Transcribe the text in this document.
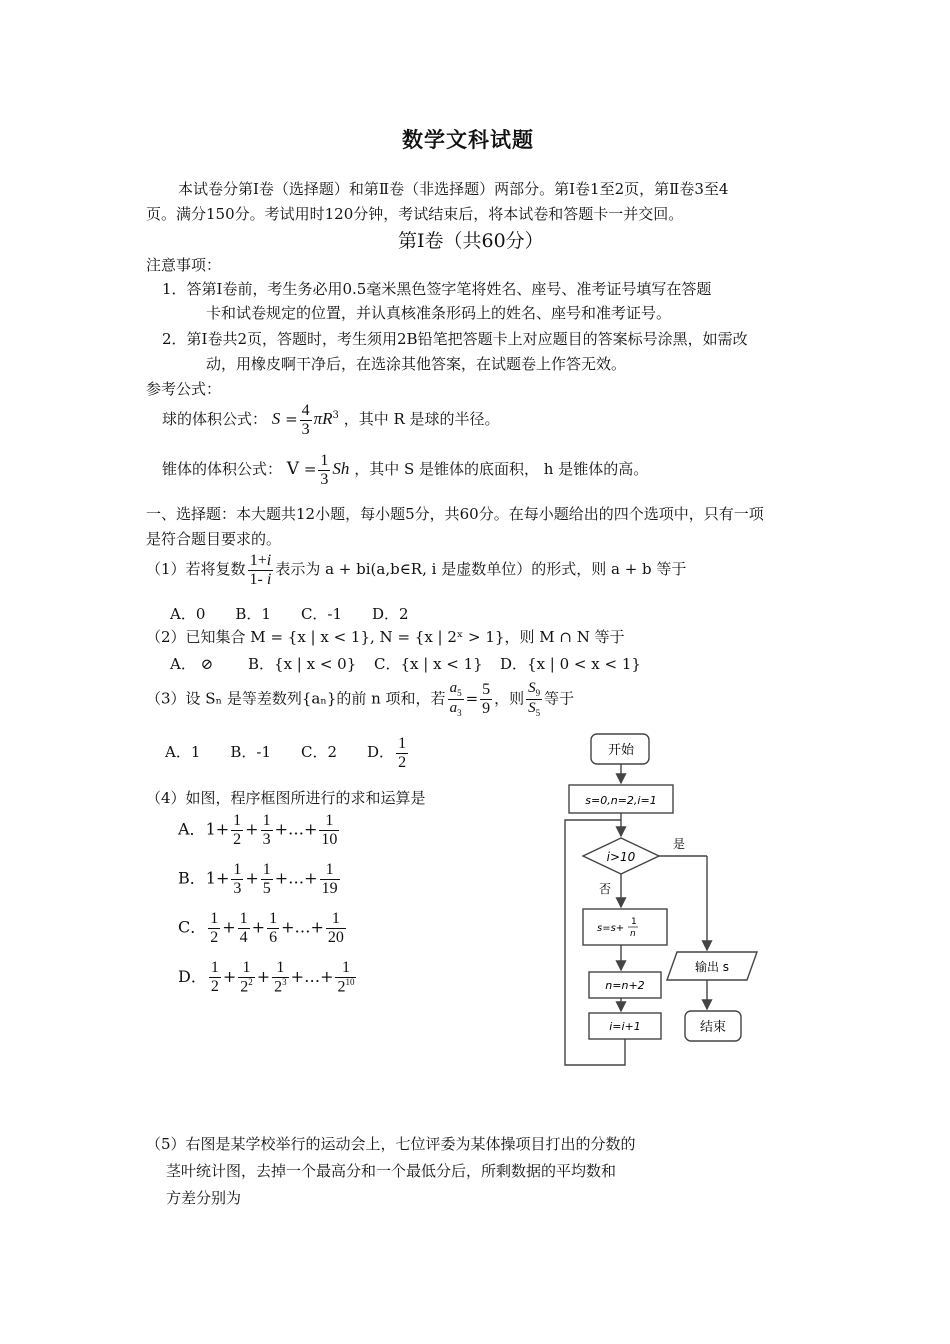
数学文科试题
本试卷分第Ⅰ卷（选择题）和第Ⅱ卷（非选择题）两部分。第Ⅰ卷1至2页，第Ⅱ卷3至4
页。满分150分。考试用时120分钟，考试结束后，将本试卷和答题卡一并交回。
第Ⅰ卷（共60分）
注意事项：
1．答第Ⅰ卷前，考生务必用0.5毫米黑色签字笔将姓名、座号、准考证号填写在答题
卡和试卷规定的位置，并认真核准条形码上的姓名、座号和准考证号。
2．第Ⅰ卷共2页，答题时，考生须用2B铅笔把答题卡上对应题目的答案标号涂黑，如需改
动，用橡皮啊干净后，在选涂其他答案，在试题卷上作答无效。
参考公式：
球的体积公式： $S = \frac{4}{3} \pi R^3$ ，其中 R 是球的半径。
锥体的体积公式： $V = \frac{1}{3}$ Sh ，其中 S 是锥体的底面积， h 是锥体的高。
一、选择题：本大题共12小题，每小题5分，共60分。在每小题给出的四个选项中，只有一项
是符合题目要求的。
（1）若将复数 $\frac{1+i}{1- i}$ 表示为 a + bi(a,b∈R, i 是虚数单位）的形式，则 a + b 等于
A．0　　B．1　　C．-1　　D．2
（2）已知集合 M = {x | x < 1}, N = {x | 2ˣ > 1}，则 M ∩ N 等于
A． ⊘ B．{x | x < 0} C．{x | x < 1} D．{x | 0 < x < 1}
（3）设 Sₙ 是等差数列{aₙ}的前 n 项和，若 $\frac{a_5}{a_3} = \frac{5}{9}$ ，则 $\frac{S_9}{S_5}$ 等于
A．1　　B．-1　　C．2　　D． $\frac{1}{2}$
（4）如图，程序框图所进行的求和运算是
A．$1+ \frac{1}{2} + \frac{1}{3}$ +…+ $\frac{1}{10}$
B．$1+ \frac{1}{3} + \frac{1}{5}$ +…+ $\frac{1}{19}$
C． $\frac{1}{2} + \frac{1}{4} + \frac{1}{6}$ +…+ $\frac{1}{20}$
D． $\frac{1}{2} + \frac{1}{2^2} + \frac{1}{2^3}$ +…+ $\frac{1}{2^{10}}$
开始
s=0,n=2,i=1
i>10
是
否
s=s+
1
n
n=n+2
i=i+1
输出 s
结束
（5）右图是某学校举行的运动会上，七位评委为某体操项目打出的分数的
茎叶统计图，去掉一个最高分和一个最低分后，所剩数据的平均数和
方差分别为
